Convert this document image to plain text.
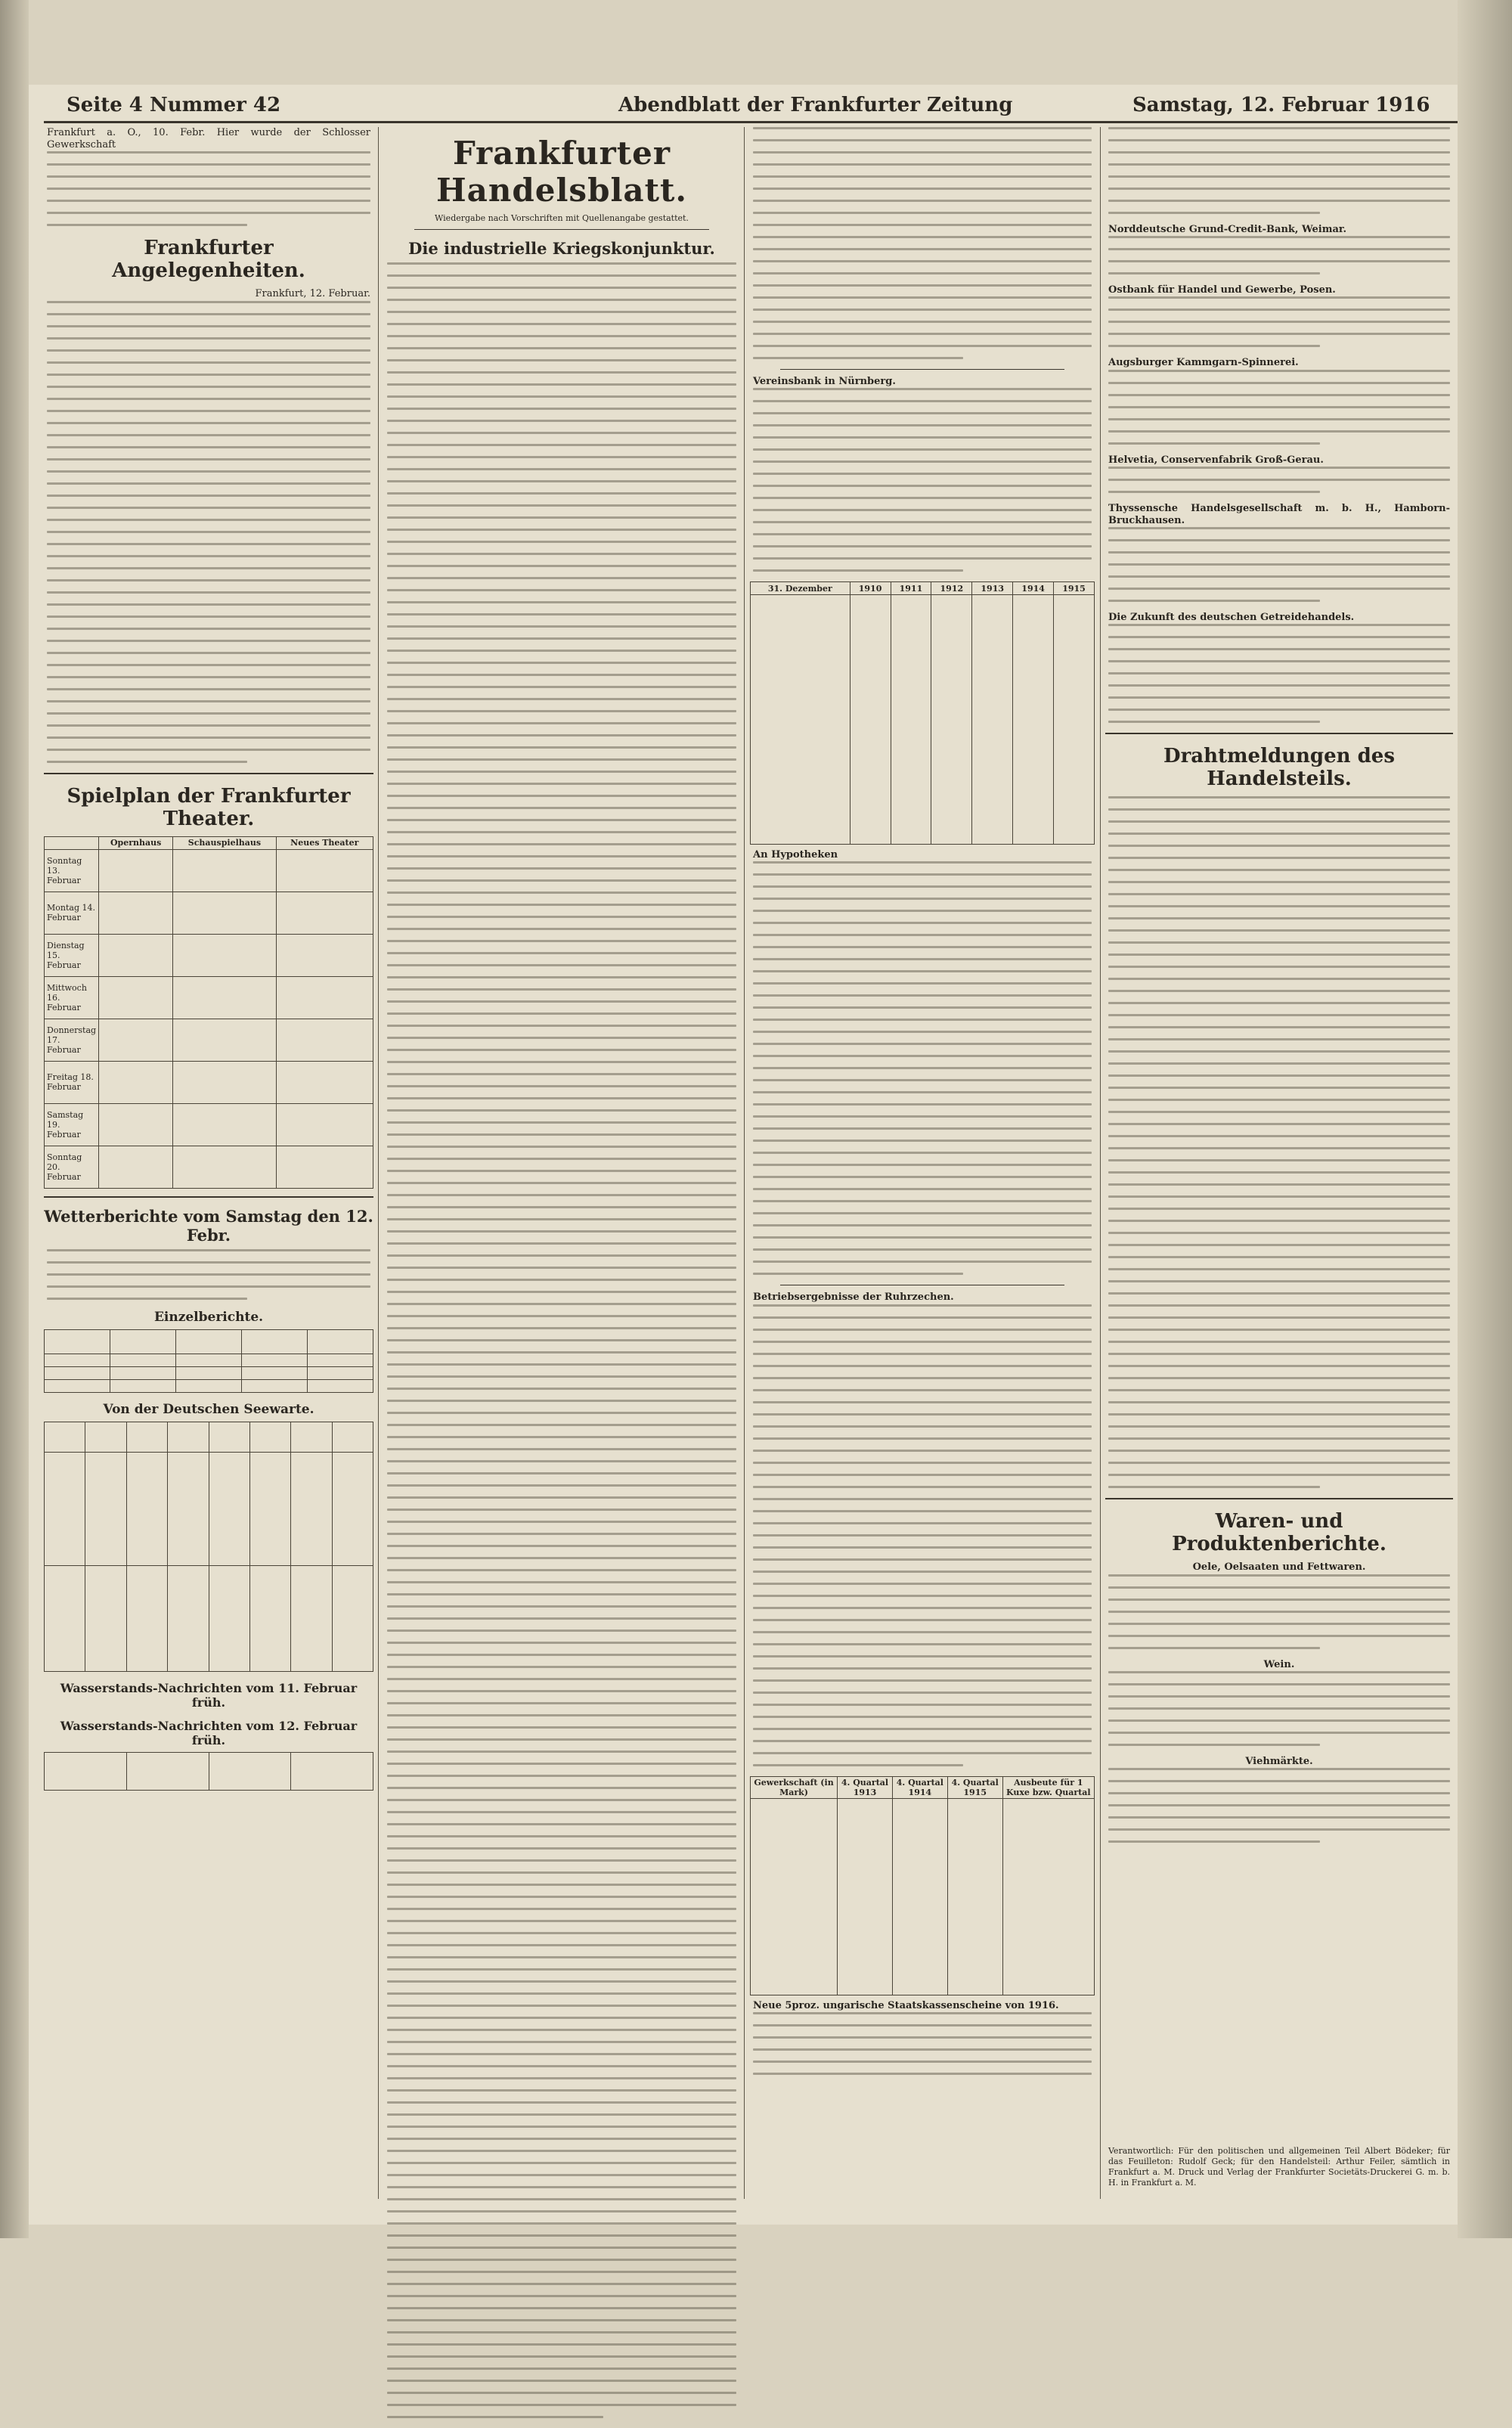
Seite 4 Nummer 42	Abendblatt der Frankfurter Zeitung	Samstag, 12. Februar 1916
Frankfurt a. O., 10. Febr. Hier wurde der Schlosser Gewerkschaft
Frankfurter Angelegenheiten.
Frankfurt, 12. Februar.
Spielplan der Frankfurter Theater.
	Opernhaus	Schauspielhaus	Neues Theater
Sonntag 13. Februar			
Montag 14. Februar			
Dienstag 15. Februar			
Mittwoch 16. Februar			
Donnerstag 17. Februar			
Freitag 18. Februar			
Samstag 19. Februar			
Sonntag 20. Februar			
Wetterberichte vom Samstag den 12. Febr.
Einzelberichte.

Von der Deutschen Seewarte.

Wasserstands-Nachrichten vom 11. Februar früh.
Wasserstands-Nachrichten vom 12. Februar früh.

Frankfurter Handelsblatt.
Wiedergabe nach Vorschriften mit Quellenangabe gestattet.
Die industrielle Kriegskonjunktur.
Vereinsbank in Nürnberg.
31. Dezember	1910	1911	1912	1913	1914	1915

An Hypotheken
Betriebsergebnisse der Ruhrzechen.
Gewerkschaft (in Mark)	4. Quartal 1913	4. Quartal 1914	4. Quartal 1915	Ausbeute für 1 Kuxe bzw. Quartal

Neue 5proz. ungarische Staatskassenscheine von 1916.
Norddeutsche Grund-Credit-Bank, Weimar.
Ostbank für Handel und Gewerbe, Posen.
Augsburger Kammgarn-Spinnerei.
Helvetia, Conservenfabrik Groß-Gerau.
Thyssensche Handelsgesellschaft m. b. H., Hamborn-Bruckhausen.
Die Zukunft des deutschen Getreidehandels.
Drahtmeldungen des Handelsteils.
Waren- und Produktenberichte.
Oele, Oelsaaten und Fettwaren.
Wein.
Viehmärkte.
Verantwortlich: Für den politischen und allgemeinen Teil Albert Bödeker; für das Feuilleton: Rudolf Geck; für den Handelsteil: Arthur Feiler, sämtlich in Frankfurt a. M. Druck und Verlag der Frankfurter Societäts-Druckerei G. m. b. H. in Frankfurt a. M.
